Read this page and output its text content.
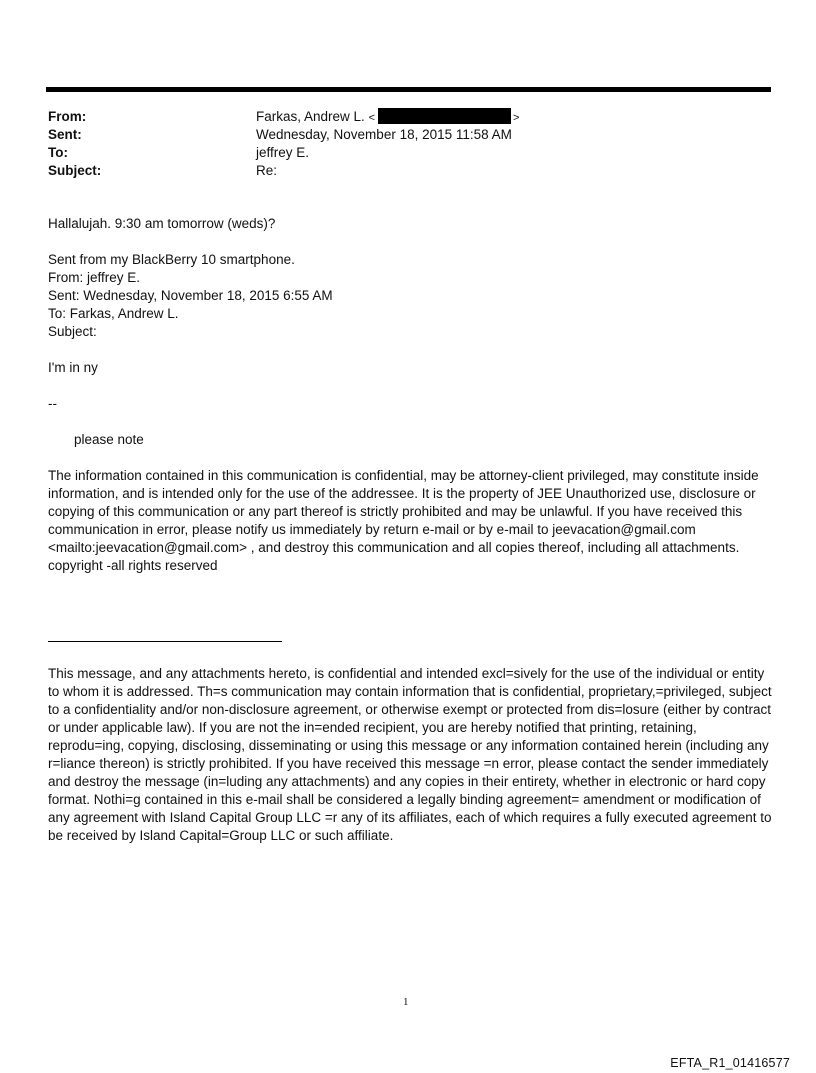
From:	Farkas, Andrew L. <	>
Sent:	Wednesday, November 18, 2015 11:58 AM
To:	jeffrey E.
Subject:	Re:

Hallalujah. 9:30 am tomorrow (weds)?

Sent from my BlackBerry 10 smartphone.

From: jeffrey E.

Sent: Wednesday, November 18, 2015 6:55 AM

To: Farkas, Andrew L.

Subject:

I'm in ny

--

please note

The information contained in this communication is confidential, may be attorney-client privileged, may constitute inside information, and is intended only for the use of the addressee. It is the property of JEE Unauthorized use, disclosure or copying of this communication or any part thereof is strictly prohibited and may be unlawful. If you have received this communication in error, please notify us immediately by return e-mail or by e-mail to jeevacation@gmail.com <mailto:jeevacation@gmail.com> , and destroy this communication and all copies thereof, including all attachments. copyright -all rights reserved

This message, and any attachments hereto, is confidential and intended excl=sively for the use of the individual or entity to whom it is addressed. Th=s communication may contain information that is confidential, proprietary,=privileged, subject to a confidentiality and/or non-disclosure agreement, or otherwise exempt or protected from dis=losure (either by contract or under applicable law). If you are not the in=ended recipient, you are hereby notified that printing, retaining, reprodu=ing, copying, disclosing, disseminating or using this message or any information contained herein (including any r=liance thereon) is strictly prohibited. If you have received this message =n error, please contact the sender immediately and destroy the message (in=luding any attachments) and any copies in their entirety, whether in electronic or hard copy format. Nothi=g contained in this e-mail shall be considered a legally binding agreement= amendment or modification of any agreement with Island Capital Group LLC =r any of its affiliates, each of which requires a fully executed agreement to be received by Island Capital=Group LLC or such affiliate.

1
EFTA_R1_01416577
